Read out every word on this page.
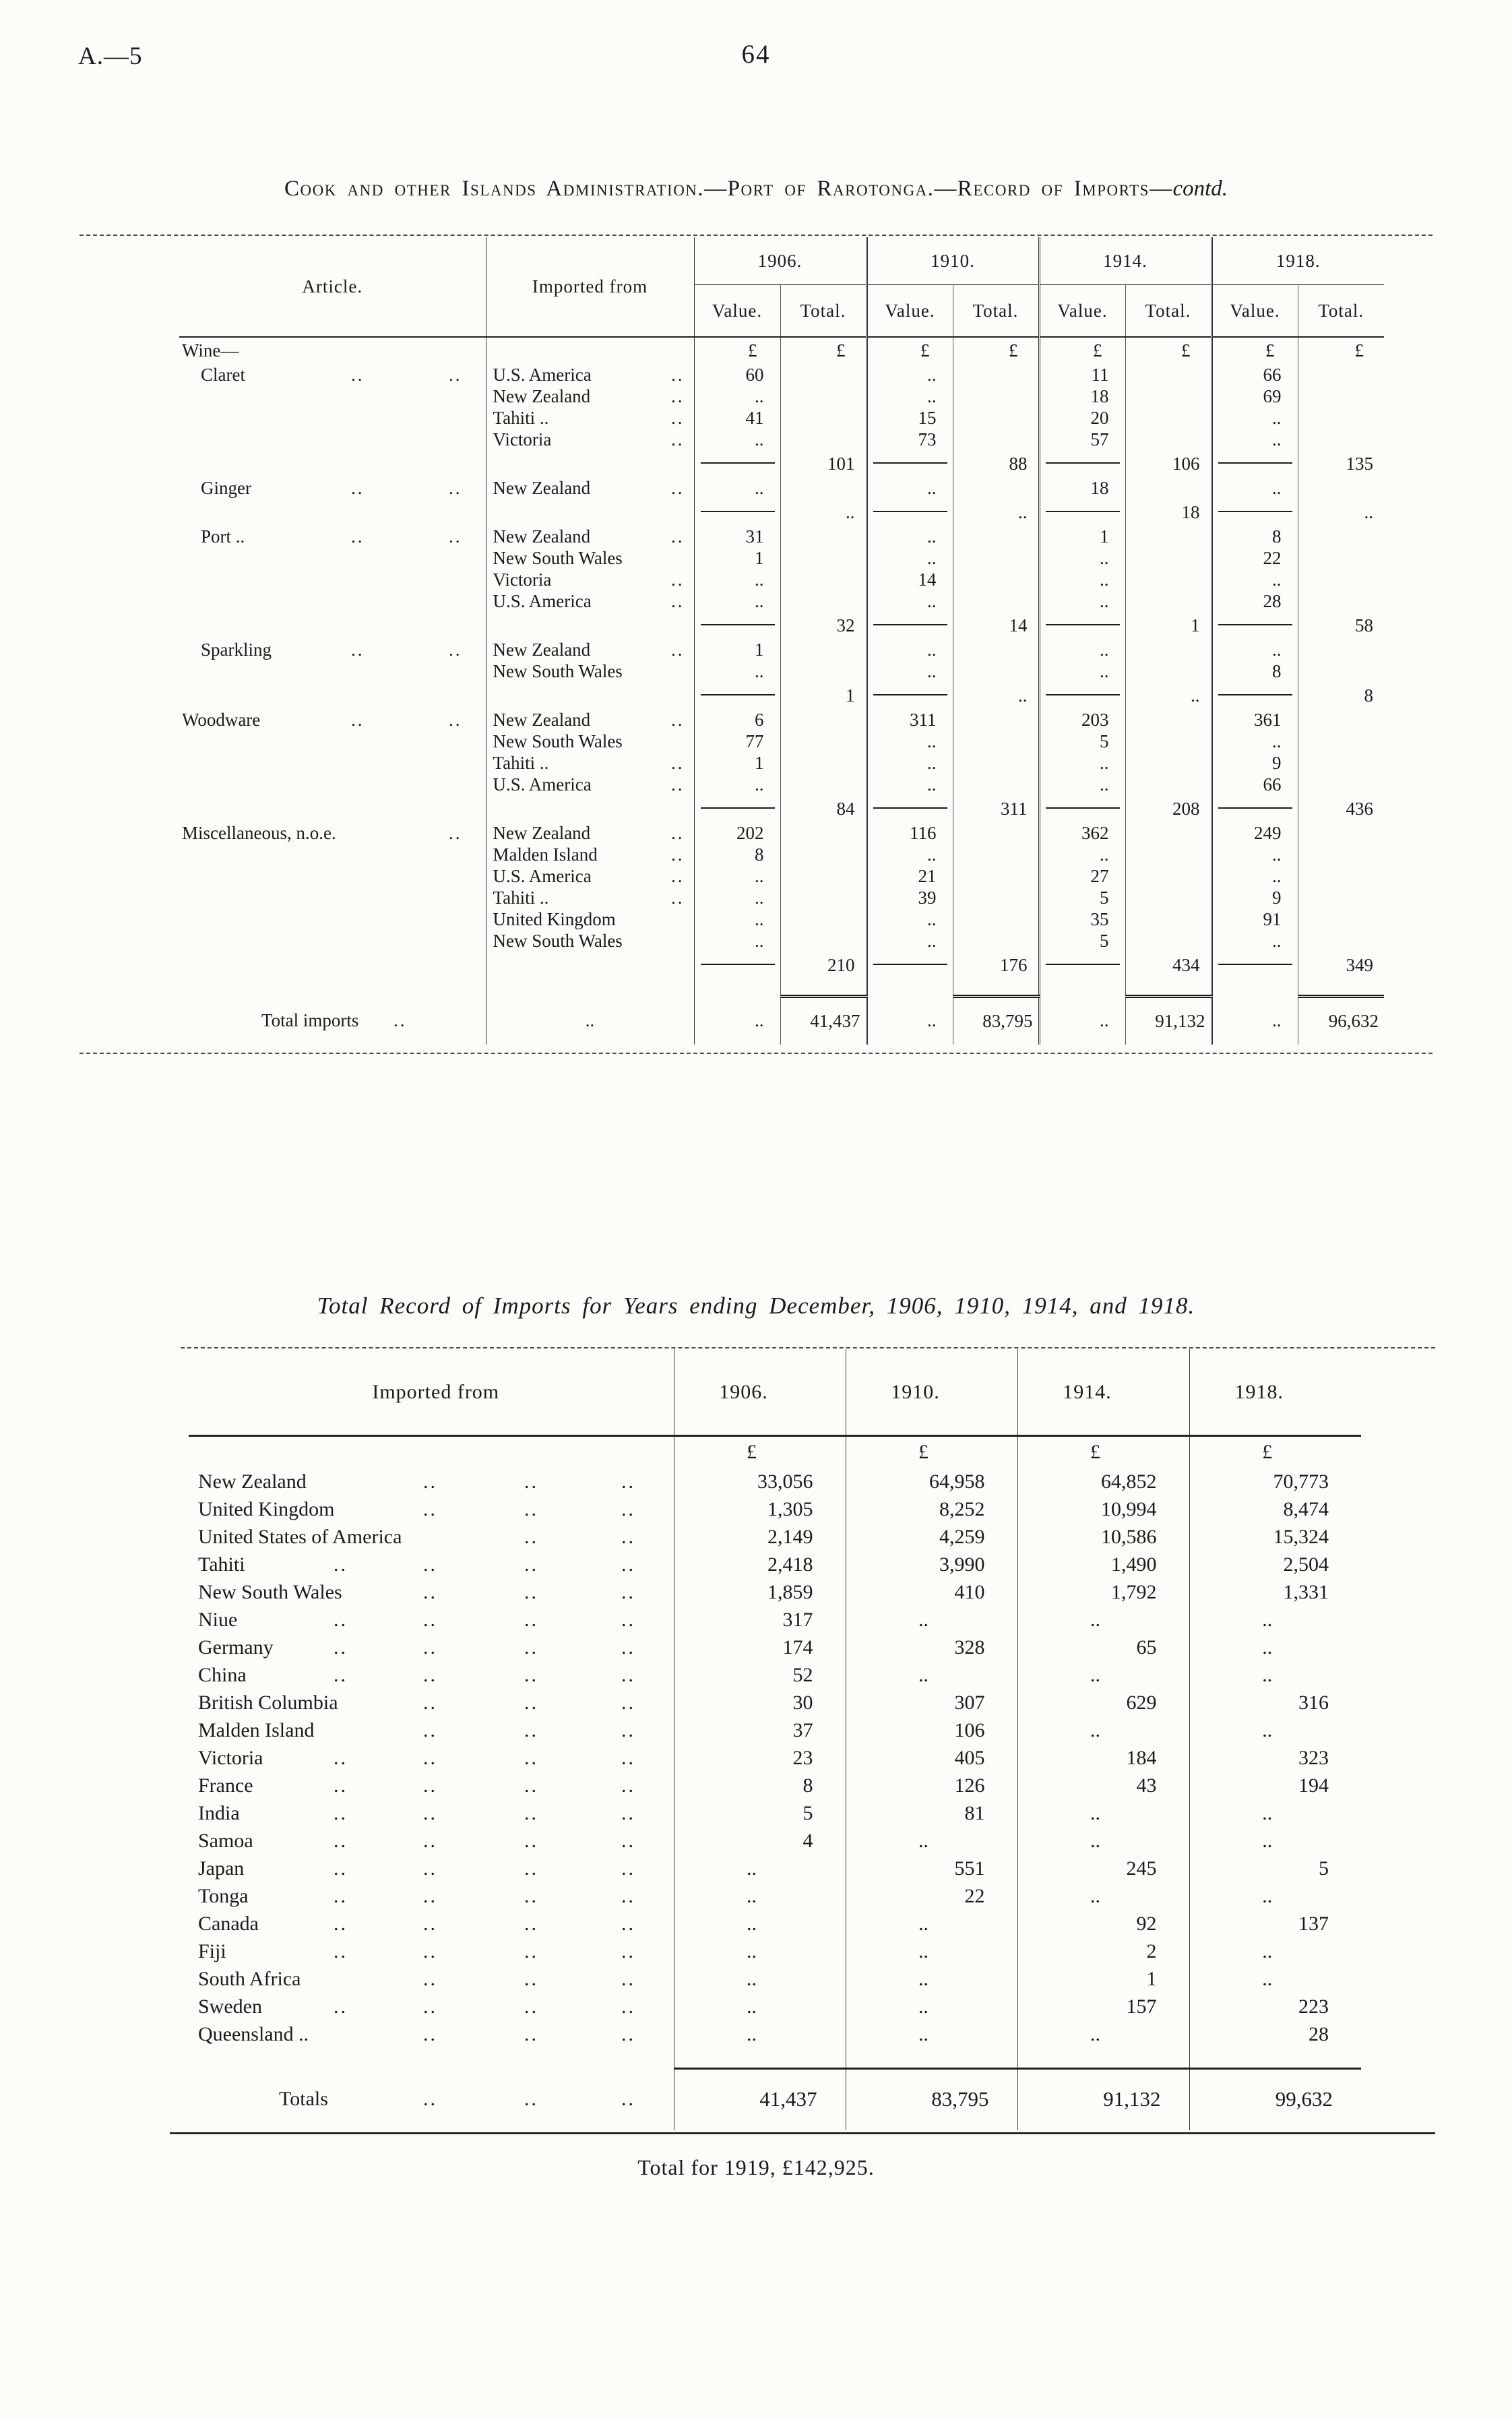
A.—5	64
Cook and other Islands Administration.—Port of Rarotonga.—Record of Imports—contd.
Article.	Imported from	1906.		1910.		1914.		1918.	
		Value.	Total.	Value.	Total.	Value.	Total.	Value.	Total.
Wine—		£	£	£	£	£	£	£	£
Claret .. ..	U.S. America ..	60		..		11		66	
	New Zealand ..	..		..		18		69	
	Tahiti .. ..	41		15		20		..	
	Victoria ..	..		73		57		..	
			101		88		106		135
Ginger .. ..	New Zealand ..	..		..		18		..	
			..		..		18		..
Port .. .. ..	New Zealand ..	31		..		1		8	
	New South Wales	1		..		..		22	
	Victoria ..	..		14		..		..	
	U.S. America ..	..		..		..		28	
			32		14		1		58
Sparkling .. ..	New Zealand ..	1		..		..		..	
	New South Wales	..		..		..		8	
			1		..		..		8
Woodware .. ..	New Zealand ..	6		311		203		361	
	New South Wales	77		..		5		..	
	Tahiti .. ..	1		..		..		9	
	U.S. America ..	..		..		..		66	
			84		311		208		436
Miscellaneous, n.o.e. ..	New Zealand ..	202		116		362		249	
	Malden Island ..	8		..		..		..	
	U.S. America ..	..		21		27		..	
	Tahiti .. ..	..		39		5		9	
	United Kingdom	..		..		35		91	
	New South Wales	..		..		5		..	
			210		176		434		349

Total imports ..	..	..	41,437	..	83,795	..	91,132	..	96,632
Total Record of Imports for Years ending December, 1906, 1910, 1914, and 1918.
Imported from	1906.	1910.	1914.	1918.
	£	£	£	£
New Zealand .. .. ..	33,056	64,958	64,852	70,773
United Kingdom .. .. ..	1,305	8,252	10,994	8,474
United States of America .. ..	2,149	4,259	10,586	15,324
Tahiti .. .. .. ..	2,418	3,990	1,490	2,504
New South Wales .. .. ..	1,859	410	1,792	1,331
Niue .. .. .. ..	317	..	..	..
Germany .. .. .. ..	174	328	65	..
China .. .. .. ..	52	..	..	..
British Columbia .. .. ..	30	307	629	316
Malden Island .. .. ..	37	106	..	..
Victoria .. .. .. ..	23	405	184	323
France .. .. .. ..	8	126	43	194
India .. .. .. ..	5	81	..	..
Samoa .. .. .. ..	4	..	..	..
Japan .. .. .. ..	..	551	245	5
Tonga .. .. .. ..	..	22	..	..
Canada .. .. .. ..	..	..	92	137
Fiji .. .. .. ..	..	..	2	..
South Africa .. .. ..	..	..	1	..
Sweden .. .. .. ..	..	..	157	223
Queensland .. .. .. ..	..	..	..	28

Totals .. .. ..	41,437	83,795	91,132	99,632
Total for 1919, £142,925.
